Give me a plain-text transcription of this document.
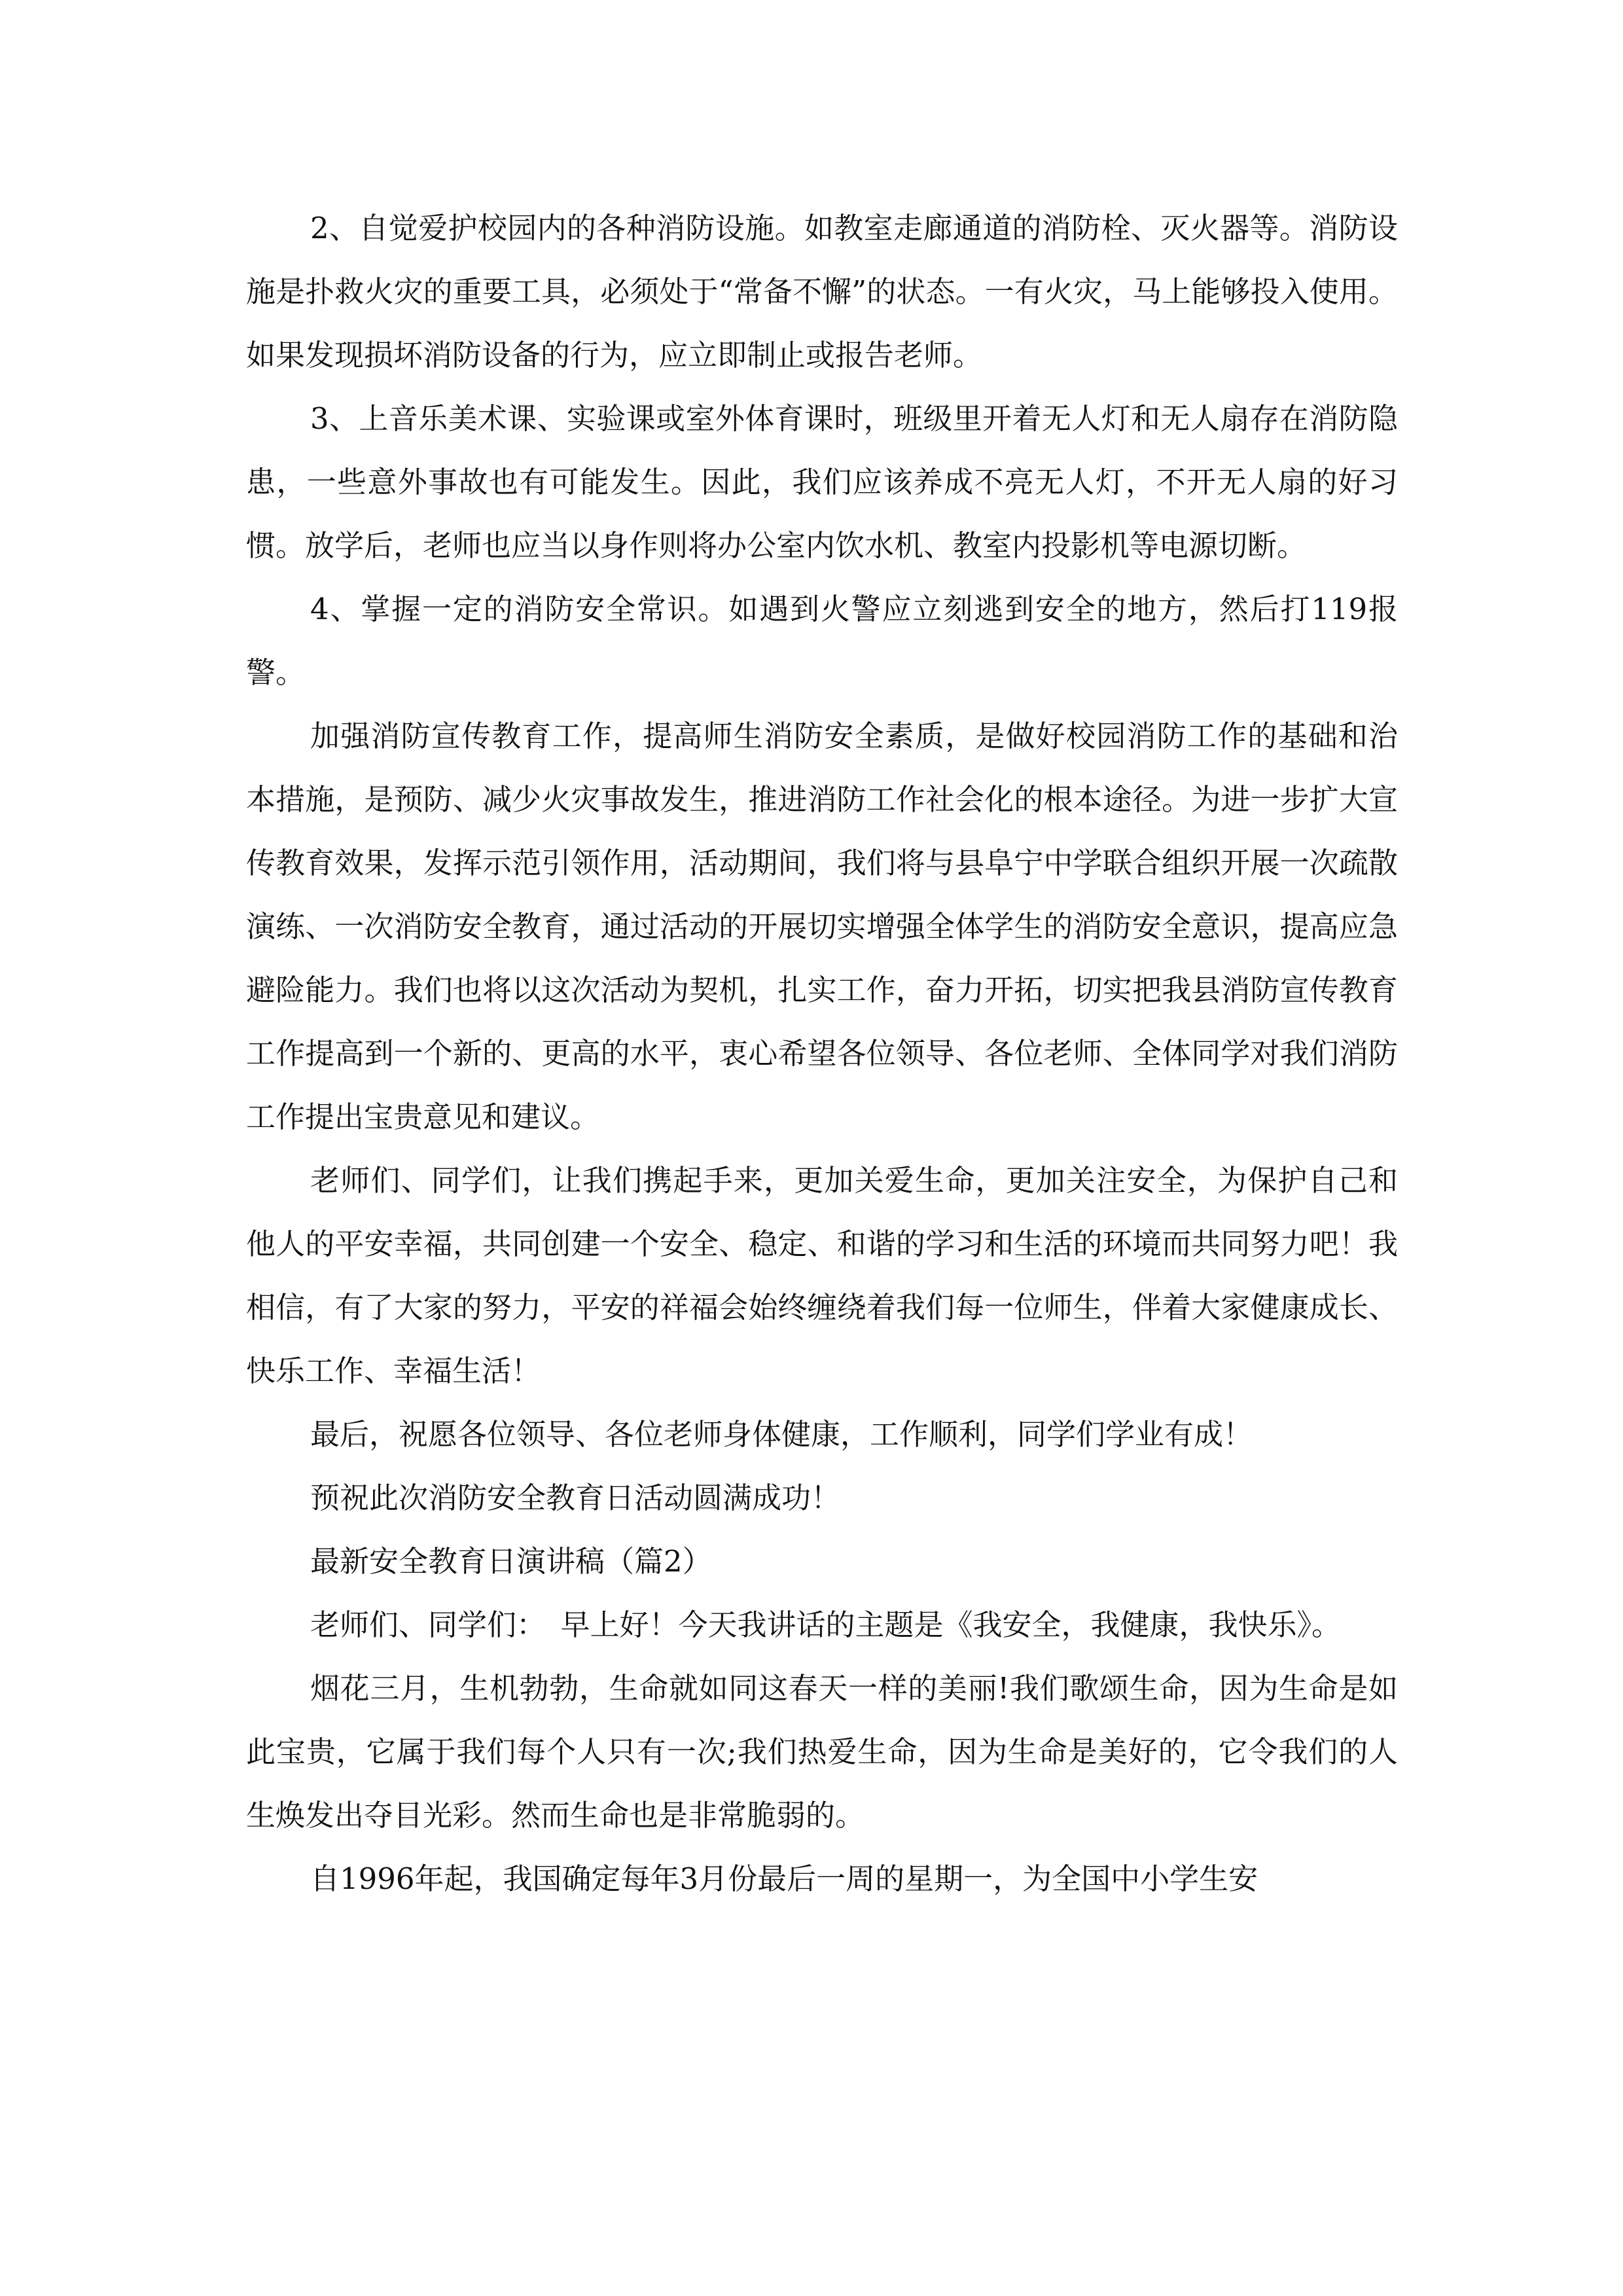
2、自觉爱护校园内的各种消防设施。如教室走廊通道的消防栓、灭火器等。消防设施是扑救火灾的重要工具，必须处于“常备不懈”的状态。一有火灾，马上能够投入使用。如果发现损坏消防设备的行为，应立即制止或报告老师。

3、上音乐美术课、实验课或室外体育课时，班级里开着无人灯和无人扇存在消防隐患，一些意外事故也有可能发生。因此，我们应该养成不亮无人灯，不开无人扇的好习惯。放学后，老师也应当以身作则将办公室内饮水机、教室内投影机等电源切断。

4、掌握一定的消防安全常识。如遇到火警应立刻逃到安全的地方，然后打119报警。

加强消防宣传教育工作，提高师生消防安全素质，是做好校园消防工作的基础和治本措施，是预防、减少火灾事故发生，推进消防工作社会化的根本途径。为进一步扩大宣传教育效果，发挥示范引领作用，活动期间，我们将与县阜宁中学联合组织开展一次疏散演练、一次消防安全教育，通过活动的开展切实增强全体学生的消防安全意识，提高应急避险能力。我们也将以这次活动为契机，扎实工作，奋力开拓，切实把我县消防宣传教育工作提高到一个新的、更高的水平，衷心希望各位领导、各位老师、全体同学对我们消防工作提出宝贵意见和建议。

老师们、同学们，让我们携起手来，更加关爱生命，更加关注安全，为保护自己和他人的平安幸福，共同创建一个安全、稳定、和谐的学习和生活的环境而共同努力吧！我相信，有了大家的努力，平安的祥福会始终缠绕着我们每一位师生，伴着大家健康成长、快乐工作、幸福生活！

最后，祝愿各位领导、各位老师身体健康，工作顺利，同学们学业有成！

预祝此次消防安全教育日活动圆满成功！

最新安全教育日演讲稿（篇2）

老师们、同学们：　早上好！今天我讲话的主题是《我安全，我健康，我快乐》。

烟花三月，生机勃勃，生命就如同这春天一样的美丽!我们歌颂生命，因为生命是如此宝贵，它属于我们每个人只有一次;我们热爱生命，因为生命是美好的，它令我们的人生焕发出夺目光彩。然而生命也是非常脆弱的。

自1996年起，我国确定每年3月份最后一周的星期一，为全国中小学生安
